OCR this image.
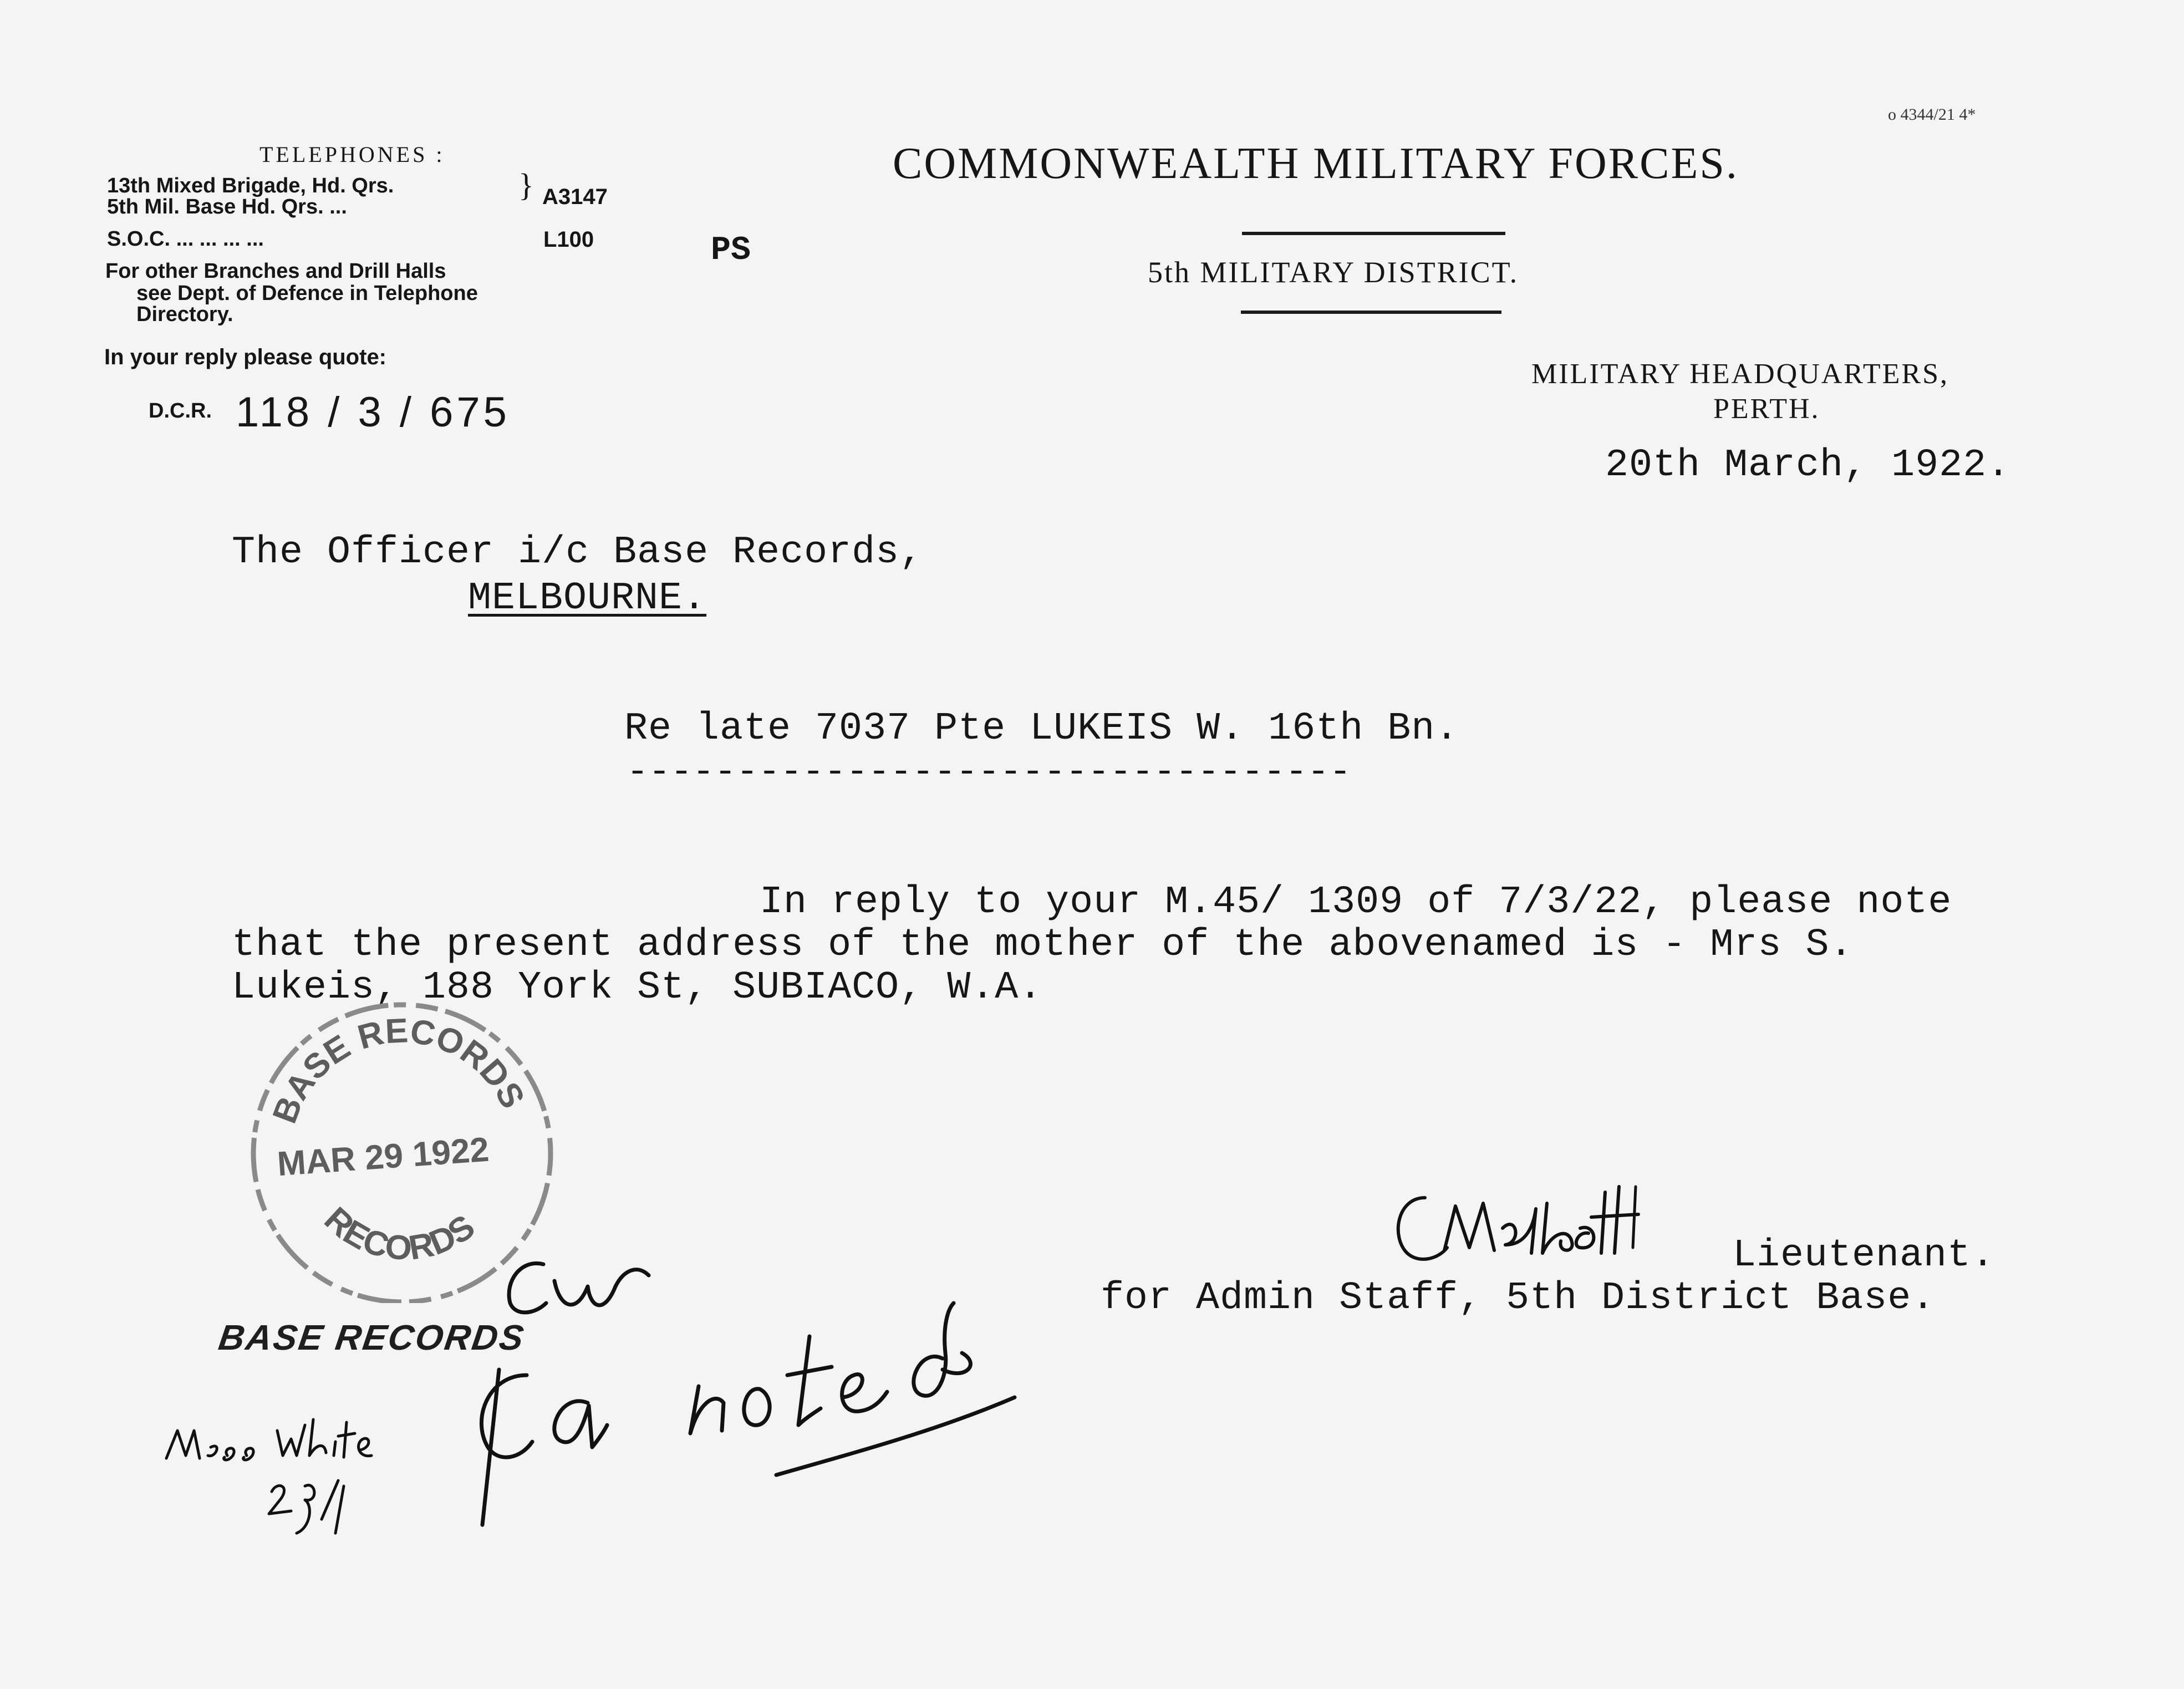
o 4344/21 4*
TELEPHONES :
13th Mixed Brigade, Hd. Qrs.
5th Mil. Base Hd. Qrs. ...
} A3147
S.O.C. ... ... ... ...	L100
For other Branches and Drill Halls
see Dept. of Defence in Telephone
Directory.
In your reply please quote:
D.C.R. 118 / 3 / 675
PS
COMMONWEALTH MILITARY FORCES.
5th MILITARY DISTRICT.
MILITARY HEADQUARTERS,
PERTH.
20th March, 1922.
The Officer i/c Base Records,
MELBOURNE.
Re late 7037 Pte LUKEIS W. 16th Bn.
---------------------------------
In reply to your M.45/ 1309 of 7/3/22, please note
that the present address of the mother of the abovenamed is - Mrs S.
Lukeis, 188 York St, SUBIACO, W.A.
BASE RECORDS
MAR 29 1922
RECORDS
Lieutenant.
for Admin Staff, 5th District Base.
BASE RECORDS
